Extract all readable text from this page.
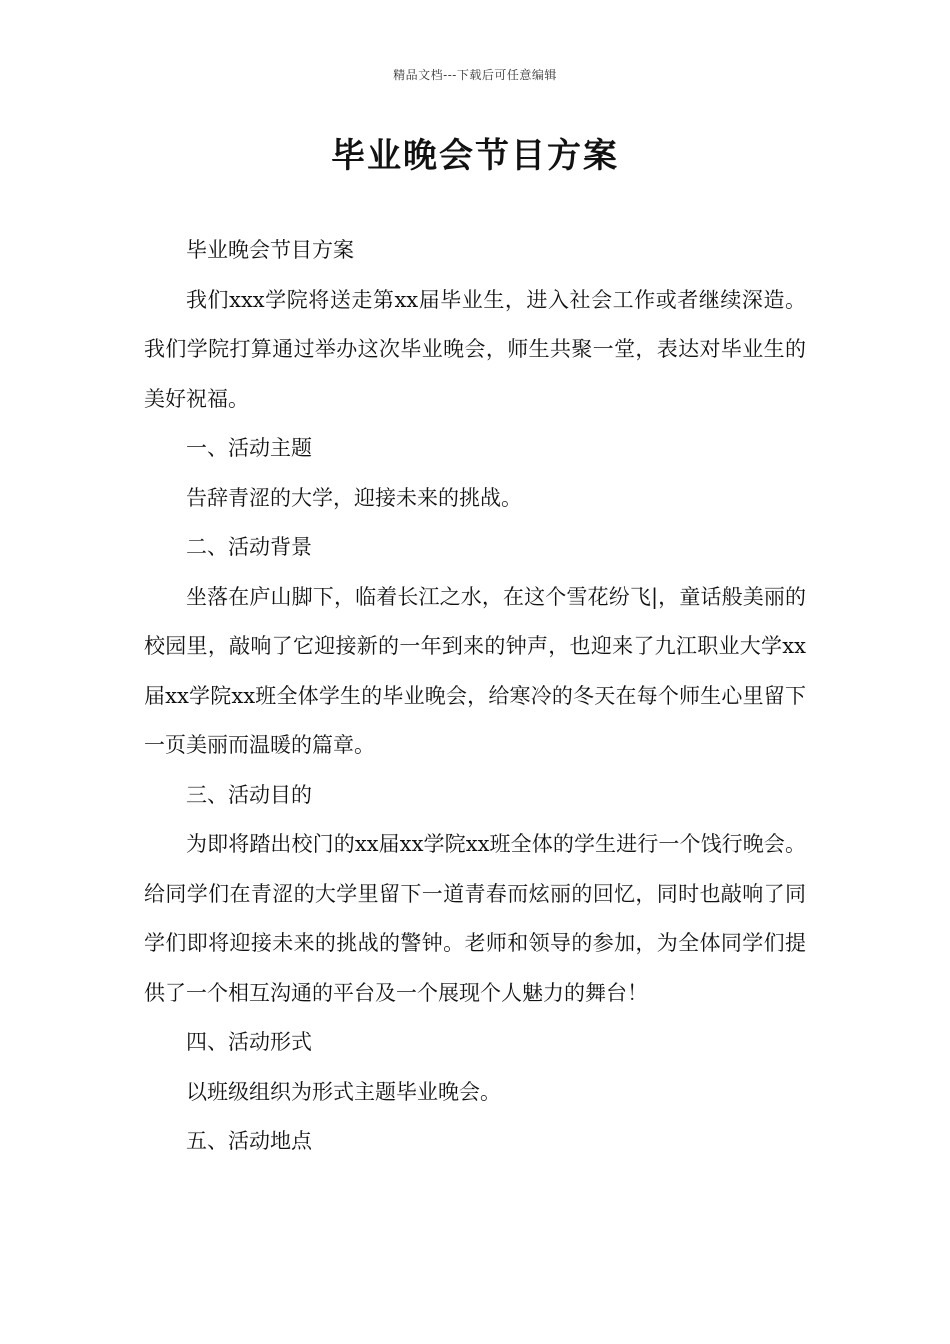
精品文档---下载后可任意编辑
毕业晚会节目方案

毕业晚会节目方案

我们xxx学院将送走第xx届毕业生，进入社会工作或者继续深造。我们学院打算通过举办这次毕业晚会，师生共聚一堂，表达对毕业生的美好祝福。

一、活动主题

告辞青涩的大学，迎接未来的挑战。

二、活动背景

坐落在庐山脚下，临着长江之水，在这个雪花纷飞|，童话般美丽的校园里，敲响了它迎接新的一年到来的钟声，也迎来了九江职业大学xx届xx学院xx班全体学生的毕业晚会，给寒冷的冬天在每个师生心里留下一页美丽而温暖的篇章。

三、活动目的

为即将踏出校门的xx届xx学院xx班全体的学生进行一个饯行晚会。给同学们在青涩的大学里留下一道青春而炫丽的回忆，同时也敲响了同学们即将迎接未来的挑战的警钟。老师和领导的参加，为全体同学们提供了一个相互沟通的平台及一个展现个人魅力的舞台！

四、活动形式

以班级组织为形式主题毕业晚会。

五、活动地点
